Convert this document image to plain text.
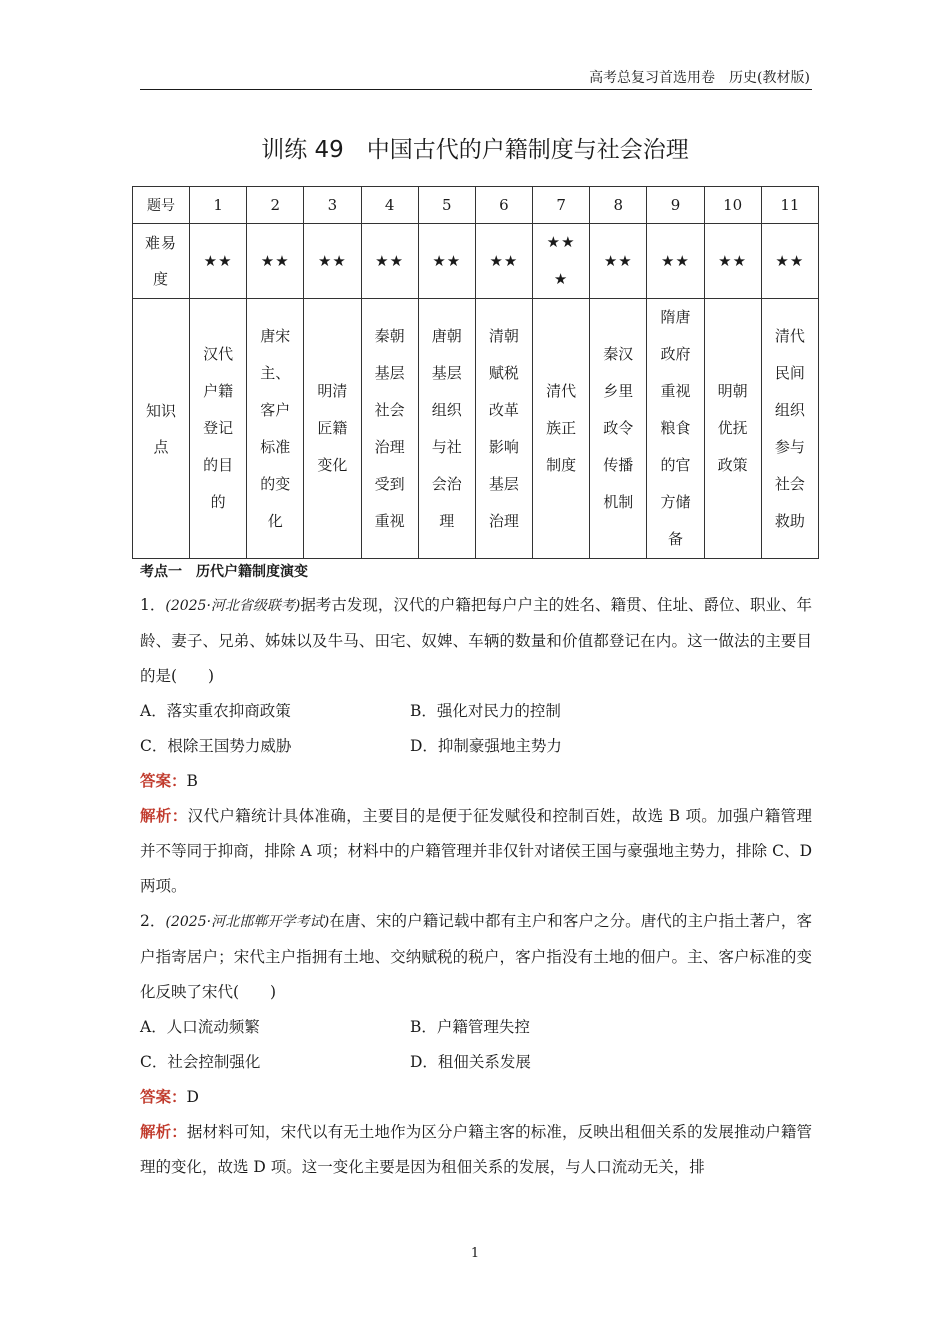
高考总复习首选用卷　历史(教材版)
训练 49　中国古代的户籍制度与社会治理
题号	1	2	3	4	5	6	7	8	9	10	11

难易度	★★	★★	★★	★★	★★	★★	★★★	★★	★★	★★	★★

知识点	汉代户籍登记的目的	唐宋主、客户标准的变化	明清匠籍变化	秦朝基层社会治理受到重视	唐朝基层组织与社会治理	清朝赋税改革影响基层治理	清代族正制度	秦汉乡里政令传播机制	隋唐政府重视粮食的官方储备	明朝优抚政策	清代民间组织参与社会救助
考点一 历代户籍制度演变

1．(2025·河北省级联考)据考古发现，汉代的户籍把每户户主的姓名、籍贯、住址、爵位、职业、年龄、妻子、兄弟、姊妹以及牛马、田宅、奴婢、车辆的数量和价值都登记在内。这一做法的主要目的是(　　)

A．落实重农抑商政策	B．强化对民力的控制
C．根除王国势力威胁	D．抑制豪强地主势力

答案：B

解析：汉代户籍统计具体准确，主要目的是便于征发赋役和控制百姓，故选 B 项。加强户籍管理并不等同于抑商，排除 A 项；材料中的户籍管理并非仅针对诸侯王国与豪强地主势力，排除 C、D 两项。

2．(2025·河北邯郸开学考试)在唐、宋的户籍记载中都有主户和客户之分。唐代的主户指土著户，客户指寄居户；宋代主户指拥有土地、交纳赋税的税户，客户指没有土地的佃户。主、客户标准的变化反映了宋代(　　)

A．人口流动频繁	B．户籍管理失控
C．社会控制强化	D．租佃关系发展

答案：D

解析：据材料可知，宋代以有无土地作为区分户籍主客的标准，反映出租佃关系的发展推动户籍管理的变化，故选 D 项。这一变化主要是因为租佃关系的发展，与人口流动无关，排

1
